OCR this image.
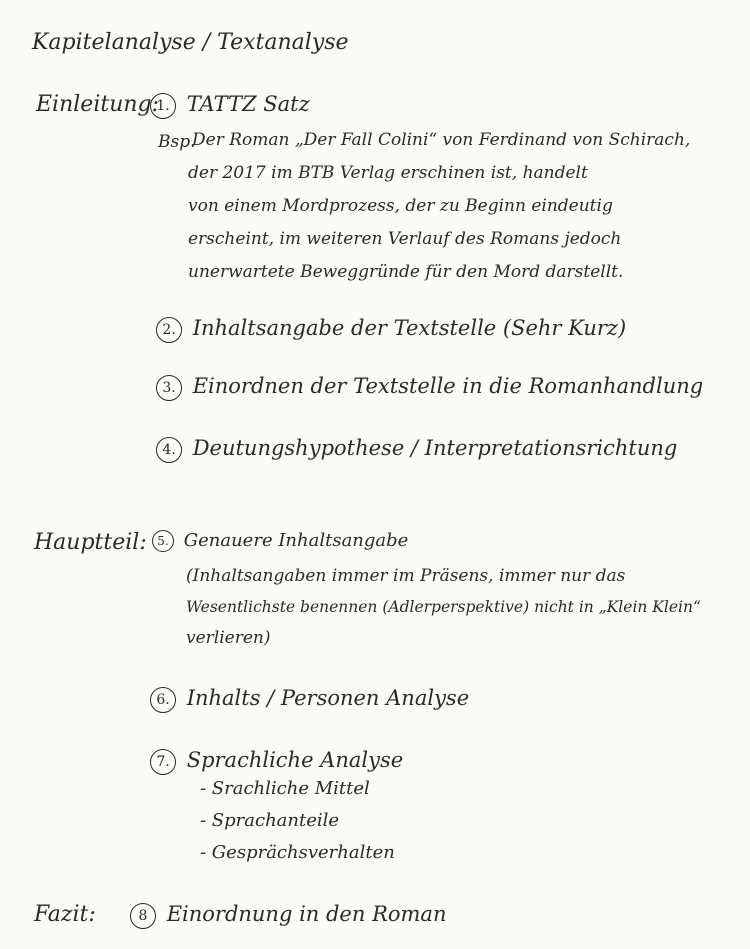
Kapitelanalyse / Textanalyse
Einleitung:
1. TATTZ Satz
Bsp.
Der Roman „Der Fall Colini“ von Ferdinand von Schirach,
der 2017 im BTB Verlag erschinen ist, handelt
von einem Mordprozess, der zu Beginn eindeutig
erscheint, im weiteren Verlauf des Romans jedoch
unerwartete Beweggründe für den Mord darstellt.
2. Inhaltsangabe der Textstelle (Sehr Kurz)
3. Einordnen der Textstelle in die Romanhandlung
4. Deutungshypothese / Interpretationsrichtung
Hauptteil: 5. Genauere Inhaltsangabe
(Inhaltsangaben immer im Präsens, immer nur das
Wesentlichste benennen (Adlerperspektive) nicht in „Klein Klein“
verlieren)
6. Inhalts / Personen Analyse
7. Sprachliche Analyse
- Srachliche Mittel
- Sprachanteile
- Gesprächsverhalten
Fazit:	8 Einordnung in den Roman
